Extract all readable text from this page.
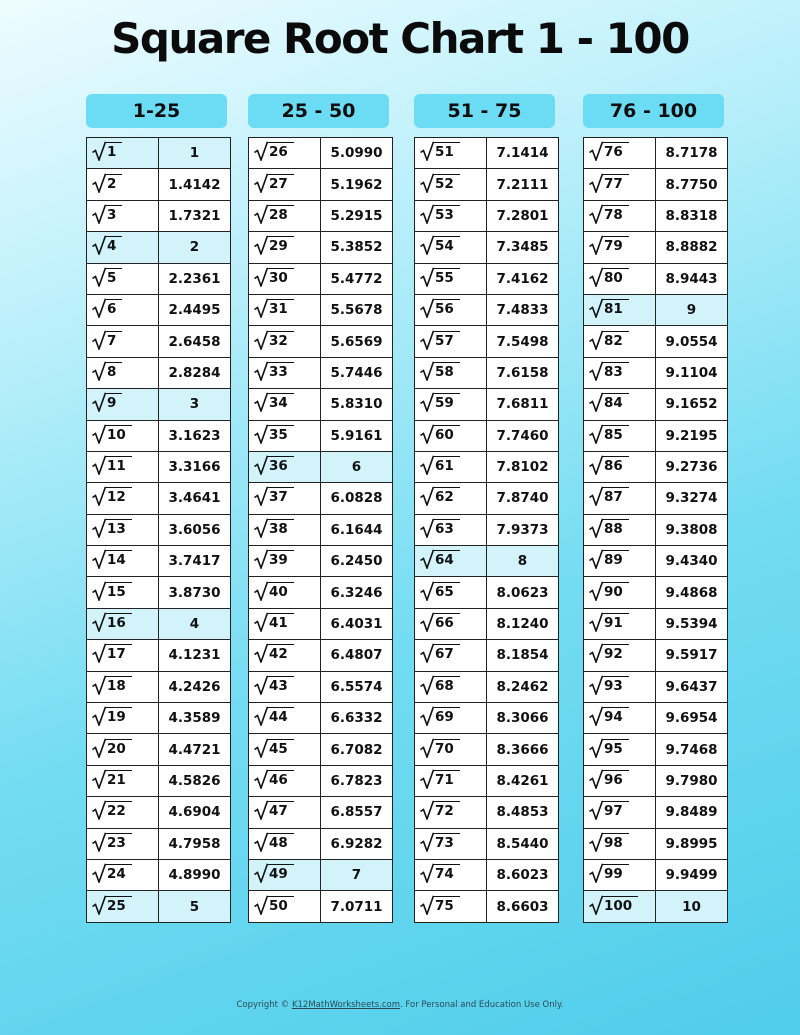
Square Root Chart 1 - 100
1-25
1	1

2	1.4142

3	1.7321

4	2

5	2.2361

6	2.4495

7	2.6458

8	2.8284

9	3

10	3.1623

11	3.3166

12	3.4641

13	3.6056

14	3.7417

15	3.8730

16	4

17	4.1231

18	4.2426

19	4.3589

20	4.4721

21	4.5826

22	4.6904

23	4.7958

24	4.8990

25	5
25 - 50
26	5.0990

27	5.1962

28	5.2915

29	5.3852

30	5.4772

31	5.5678

32	5.6569

33	5.7446

34	5.8310

35	5.9161

36	6

37	6.0828

38	6.1644

39	6.2450

40	6.3246

41	6.4031

42	6.4807

43	6.5574

44	6.6332

45	6.7082

46	6.7823

47	6.8557

48	6.9282

49	7

50	7.0711
51 - 75
51	7.1414

52	7.2111

53	7.2801

54	7.3485

55	7.4162

56	7.4833

57	7.5498

58	7.6158

59	7.6811

60	7.7460

61	7.8102

62	7.8740

63	7.9373

64	8

65	8.0623

66	8.1240

67	8.1854

68	8.2462

69	8.3066

70	8.3666

71	8.4261

72	8.4853

73	8.5440

74	8.6023

75	8.6603
76 - 100
76	8.7178

77	8.7750

78	8.8318

79	8.8882

80	8.9443

81	9

82	9.0554

83	9.1104

84	9.1652

85	9.2195

86	9.2736

87	9.3274

88	9.3808

89	9.4340

90	9.4868

91	9.5394

92	9.5917

93	9.6437

94	9.6954

95	9.7468

96	9.7980

97	9.8489

98	9.8995

99	9.9499

100	10
Copyright © K12MathWorksheets.com. For Personal and Education Use Only.
